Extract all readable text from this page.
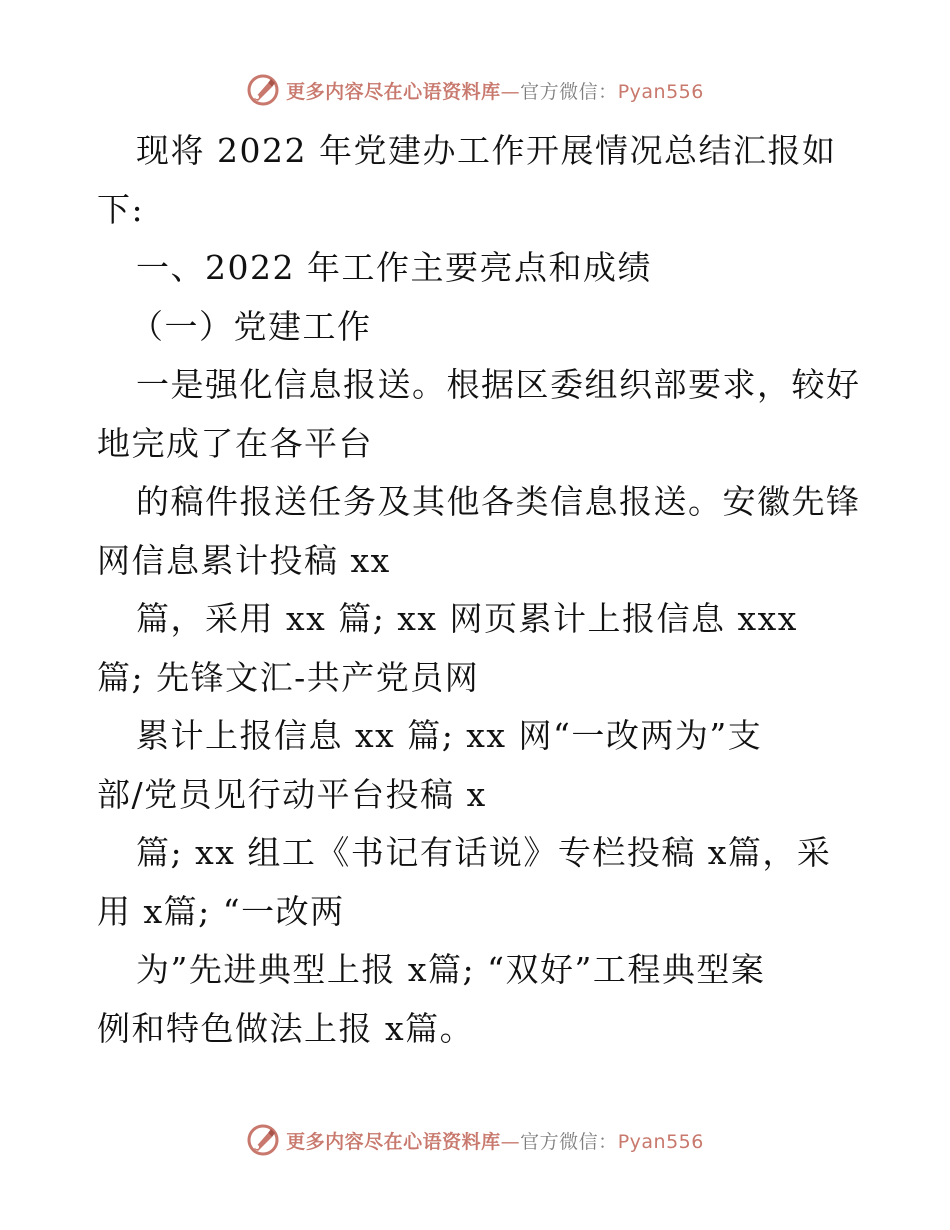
更多内容尽在心语资料库—官方微信：Pyan556

现将 2022 年党建办工作开展情况总结汇报如

下:

一、2022 年工作主要亮点和成绩

（一）党建工作

一是强化信息报送。根据区委组织部要求，较好

地完成了在各平台

的稿件报送任务及其他各类信息报送。安徽先锋

网信息累计投稿 xx

篇，采用 xx 篇; xx 网页累计上报信息 xxx

篇; 先锋文汇-共产党员网

累计上报信息 xx 篇; xx 网“一改两为”支

部/党员见行动平台投稿 x

篇; xx 组工《书记有话说》专栏投稿 x篇，采

用 x篇; “一改两

为”先进典型上报 x篇; “双好”工程典型案

例和特色做法上报 x篇。

更多内容尽在心语资料库—官方微信：Pyan556
